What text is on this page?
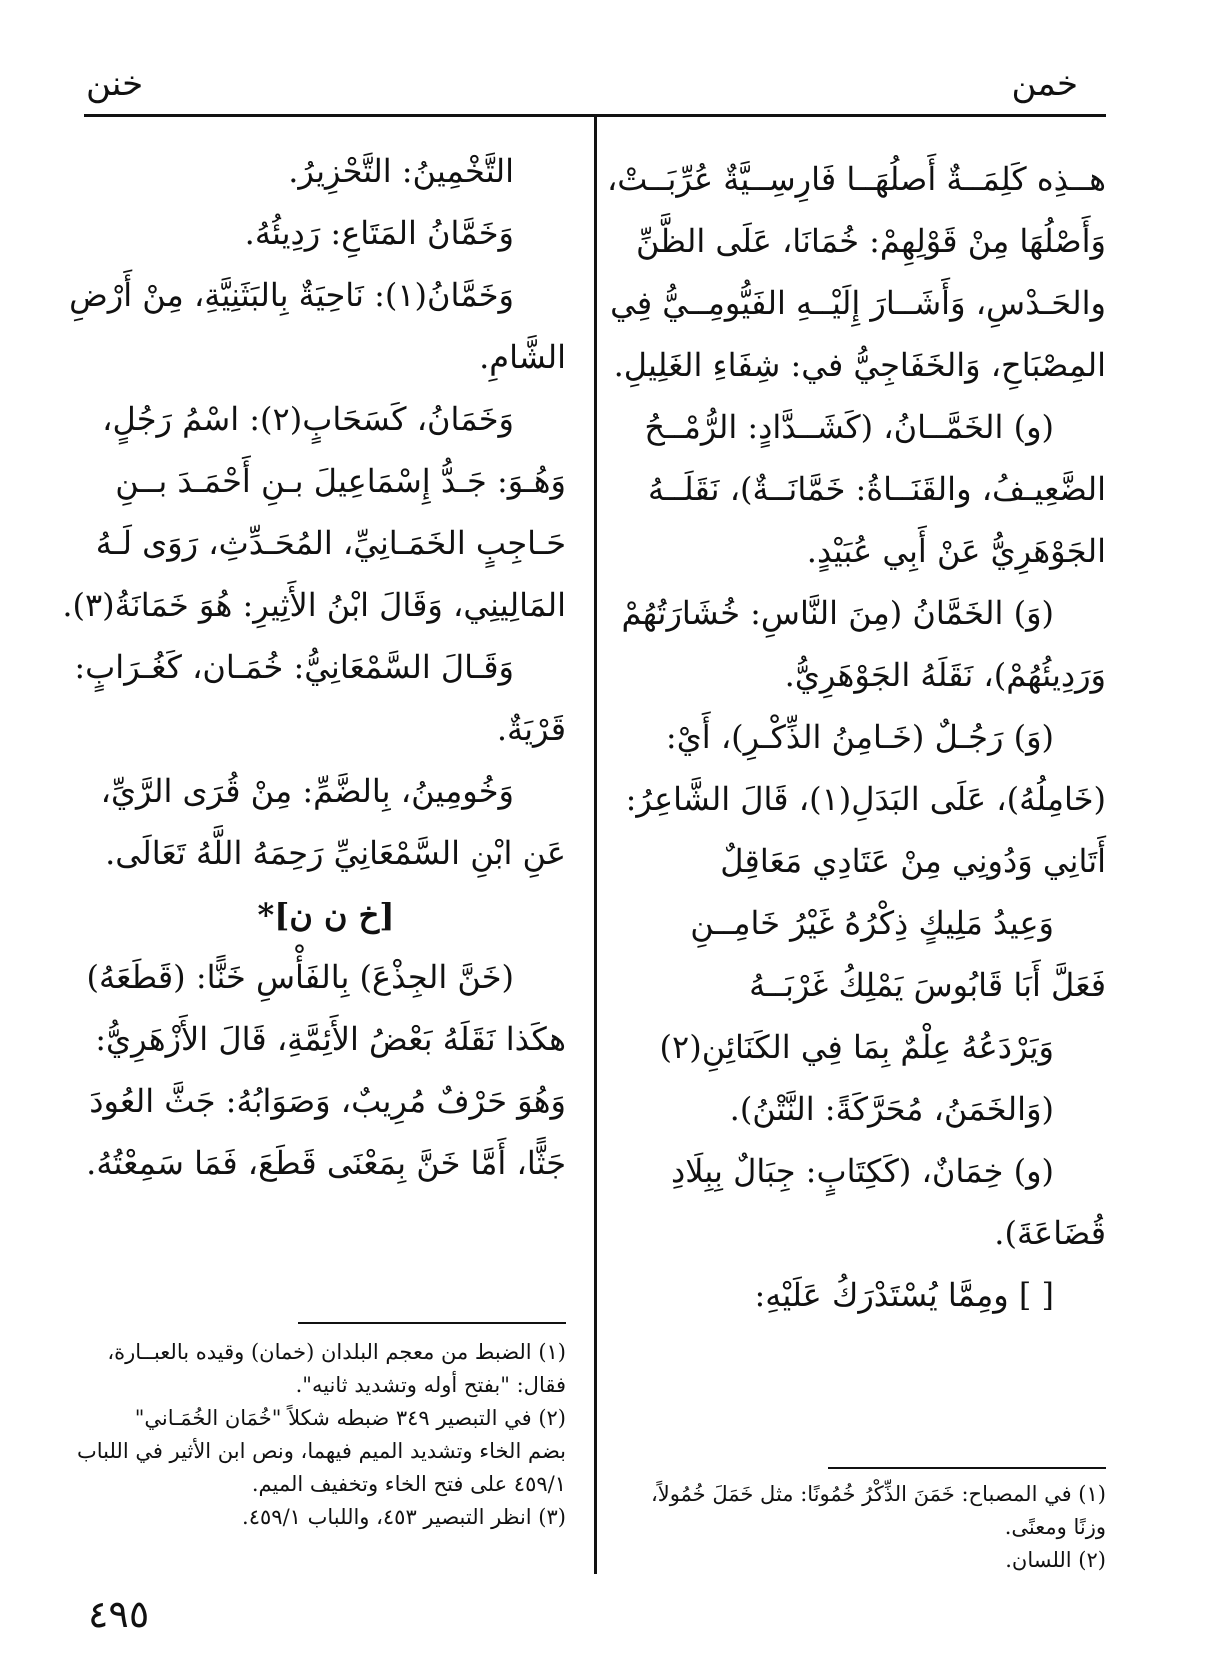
خمن
خنن
هــذِه كَلِمَــةٌ أَصلُهَــا فَارِسِــيَّةٌ عُرِّبَــتْ،
وَأَصْلُهَا مِنْ قَوْلِهِمْ: خُمَانَا، عَلَى الظَّنِّ
والحَـدْسِ، وَأَشَــارَ إِلَيْــهِ الفَيُّومِــيُّ فِي
المِصْبَاحِ، وَالخَفَاجِيُّ في: شِفَاءِ الغَلِيلِ.
(و) الخَمَّــانُ، (كَشَــدَّادٍ: الرُّمْــحُ
الضَّعِيـفُ، والقَنَــاةُ: خَمَّانَــةٌ)، نَقَلَــهُ
الجَوْهَرِيُّ عَنْ أَبِي عُبَيْدٍ.
(وَ) الخَمَّانُ (مِنَ النَّاسِ: خُشَارَتُهُمْ
وَرَدِيئُهُمْ)، نَقَلَهُ الجَوْهَرِيُّ.
(وَ) رَجُـلٌ (خَـامِنُ الذِّكْـرِ)، أَيْ:
(خَامِلُهُ)، عَلَى البَدَلِ(١)، قَالَ الشَّاعِرُ:
أَتَانِي وَدُونِي مِنْ عَتَادِي مَعَاقِلٌ
وَعِيدُ مَلِيكٍ ذِكْرُهُ غَيْرُ خَامِــنِ
فَعَلَّ أَبَا قَابُوسَ يَمْلِكُ غَرْبَــهُ
وَيَرْدَعُهُ عِلْمٌ بِمَا فِي الكَنَائِنِ(٢)
(وَالخَمَنُ، مُحَرَّكَةً: النَّتْنُ).
(و) خِمَانٌ، (كَكِتَابٍ: جِبَالٌ بِبِلَادِ
قُضَاعَةَ).
[ ] ومِمَّا يُسْتَدْرَكُ عَلَيْهِ:
التَّخْمِينُ: التَّحْزِيرُ.
وَخَمَّانُ المَتَاعِ: رَدِيئُهُ.
وَخَمَّانُ(١): نَاحِيَةٌ بِالبَثَنِيَّةِ، مِنْ أَرْضِ
الشَّامِ.
وَخَمَانُ، كَسَحَابٍ(٢): اسْمُ رَجُلٍ،
وَهُـوَ: جَـدُّ إِسْمَاعِيلَ بـنِ أَحْمَـدَ بــنِ
حَـاجِبٍ الخَمَـانِيِّ، المُحَـدِّثِ، رَوَى لَـهُ
المَالِينِي، وَقَالَ ابْنُ الأَثِيرِ: هُوَ خَمَانَةُ(٣).
وَقَـالَ السَّمْعَانِيُّ: خُمَـان، كَغُـرَابٍ:
قَرْيَةٌ.
وَخُومِينُ، بِالضَّمِّ: مِنْ قُرَى الرَّيِّ،
عَنِ ابْنِ السَّمْعَانِيِّ رَحِمَهُ اللَّهُ تَعَالَى.
[خ ن ن]*
(خَنَّ الجِذْعَ) بِالفَأْسِ خَنًّا: (قَطَعَهُ)
هكَذا نَقَلَهُ بَعْضُ الأَئِمَّةِ، قَالَ الأَزْهَرِيُّ:
وَهُوَ حَرْفٌ مُرِيبٌ، وَصَوَابُهُ: جَثَّ العُودَ
جَثًّا، أَمَّا خَنَّ بِمَعْنَى قَطَعَ، فَمَا سَمِعْتُهُ.
(١) في المصباح: خَمَنَ الذِّكْرُ خُمُونًا: مثل خَمَلَ خُمُولاً،
وزنًا ومعنًى.
(٢) اللسان.
(١) الضبط من معجم البلدان (خمان) وقيده بالعبــارة،
فقال: "بفتح أوله وتشديد ثانيه".
(٢) في التبصير ٣٤٩ ضبطه شكلاً "خُمَان الخُمَـاني"
بضم الخاء وتشديد الميم فيهما، ونص ابن الأثير في اللباب
٤٥٩/١ على فتح الخاء وتخفيف الميم.
(٣) انظر التبصير ٤٥٣، واللباب ٤٥٩/١.
٤٩٥
